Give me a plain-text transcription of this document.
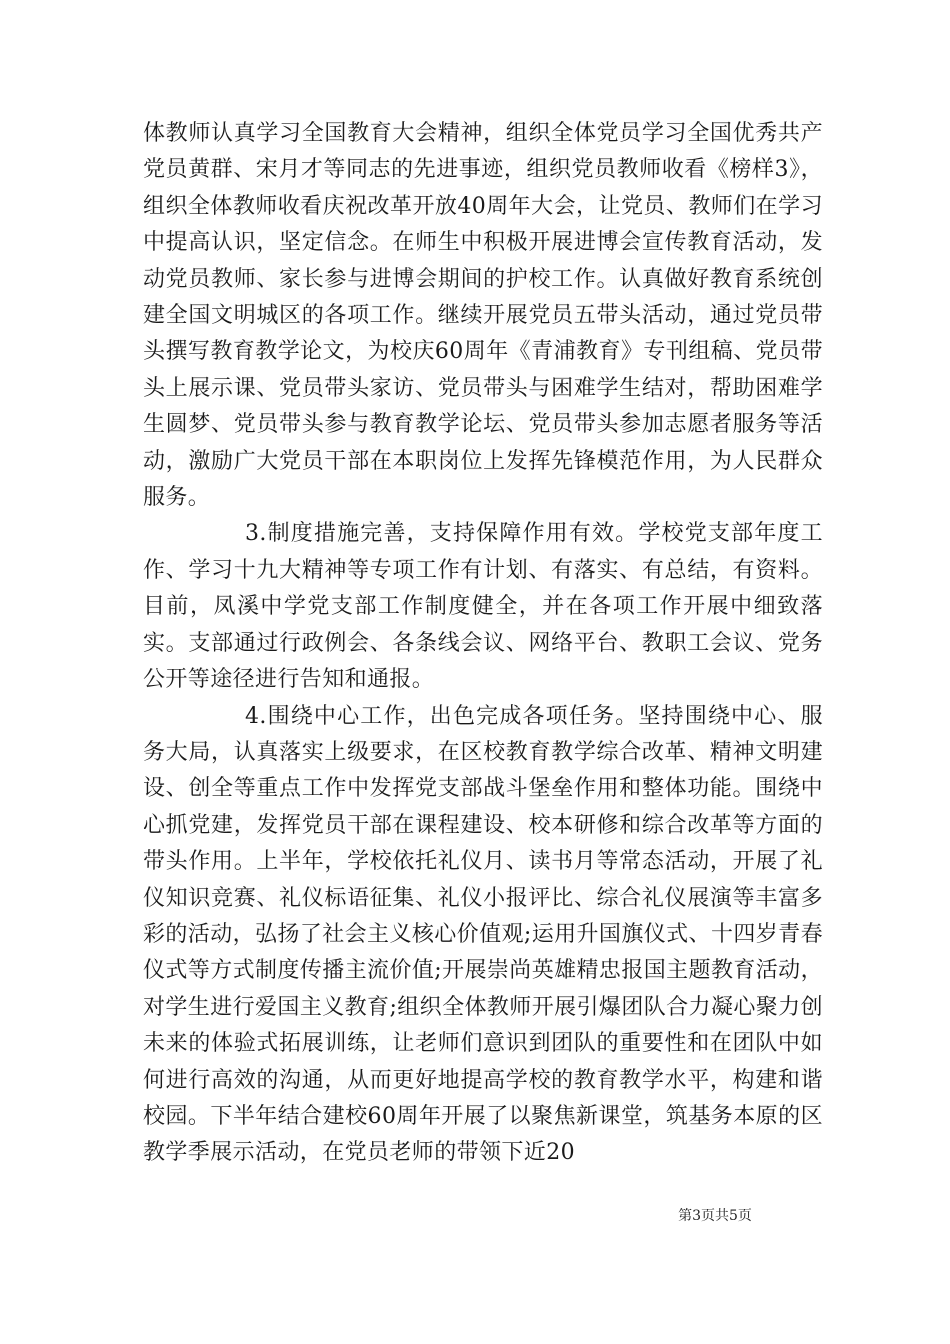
体教师认真学习全国教育大会精神，组织全体党员学习全国优秀共产党员黄群、宋月才等同志的先进事迹，组织党员教师收看《榜样3》，组织全体教师收看庆祝改革开放40周年大会，让党员、教师们在学习中提高认识，坚定信念。在师生中积极开展进博会宣传教育活动，发动党员教师、家长参与进博会期间的护校工作。认真做好教育系统创建全国文明城区的各项工作。继续开展党员五带头活动，通过党员带头撰写教育教学论文，为校庆60周年《青浦教育》专刊组稿、党员带头上展示课、党员带头家访、党员带头与困难学生结对，帮助困难学生圆梦、党员带头参与教育教学论坛、党员带头参加志愿者服务等活动，激励广大党员干部在本职岗位上发挥先锋模范作用，为人民群众服务。

3.制度措施完善，支持保障作用有效。学校党支部年度工作、学习十九大精神等专项工作有计划、有落实、有总结，有资料。目前，凤溪中学党支部工作制度健全，并在各项工作开展中细致落实。支部通过行政例会、各条线会议、网络平台、教职工会议、党务公开等途径进行告知和通报。

4.围绕中心工作，出色完成各项任务。坚持围绕中心、服务大局，认真落实上级要求，在区校教育教学综合改革、精神文明建设、创全等重点工作中发挥党支部战斗堡垒作用和整体功能。围绕中心抓党建，发挥党员干部在课程建设、校本研修和综合改革等方面的带头作用。上半年，学校依托礼仪月、读书月等常态活动，开展了礼仪知识竞赛、礼仪标语征集、礼仪小报评比、综合礼仪展演等丰富多彩的活动，弘扬了社会主义核心价值观;运用升国旗仪式、十四岁青春仪式等方式制度传播主流价值;开展崇尚英雄精忠报国主题教育活动，对学生进行爱国主义教育;组织全体教师开展引爆团队合力凝心聚力创未来的体验式拓展训练，让老师们意识到团队的重要性和在团队中如何进行高效的沟通，从而更好地提高学校的教育教学水平，构建和谐校园。下半年结合建校60周年开展了以聚焦新课堂，筑基务本原的区教学季展示活动，在党员老师的带领下近20

第3页共5页
